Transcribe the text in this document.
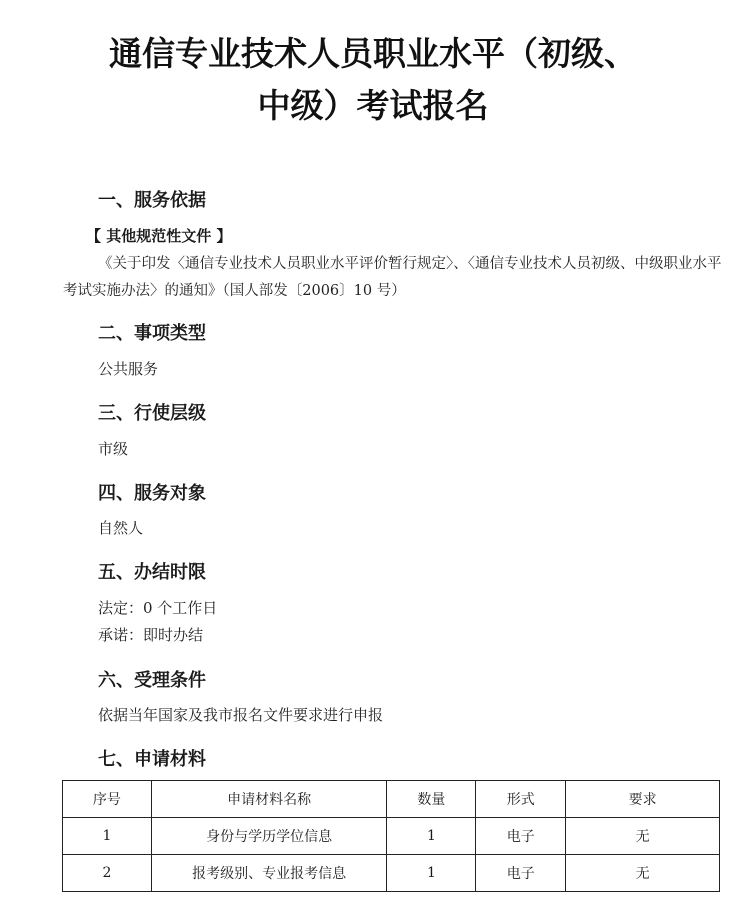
通信专业技术人员职业水平（初级、
中级）考试报名
一、服务依据
【 其他规范性文件 】
《关于印发〈通信专业技术人员职业水平评价暂行规定〉、〈通信专业技术人员初级、中级职业水平考试实施办法〉的通知》（国人部发〔2006〕10 号）
二、事项类型
公共服务
三、行使层级
市级
四、服务对象
自然人
五、办结时限
法定：0 个工作日
承诺：即时办结
六、受理条件
依据当年国家及我市报名文件要求进行申报
七、申请材料
序号	申请材料名称	数量	形式	要求
1	身份与学历学位信息	1	电子	无
2	报考级别、专业报考信息	1	电子	无
